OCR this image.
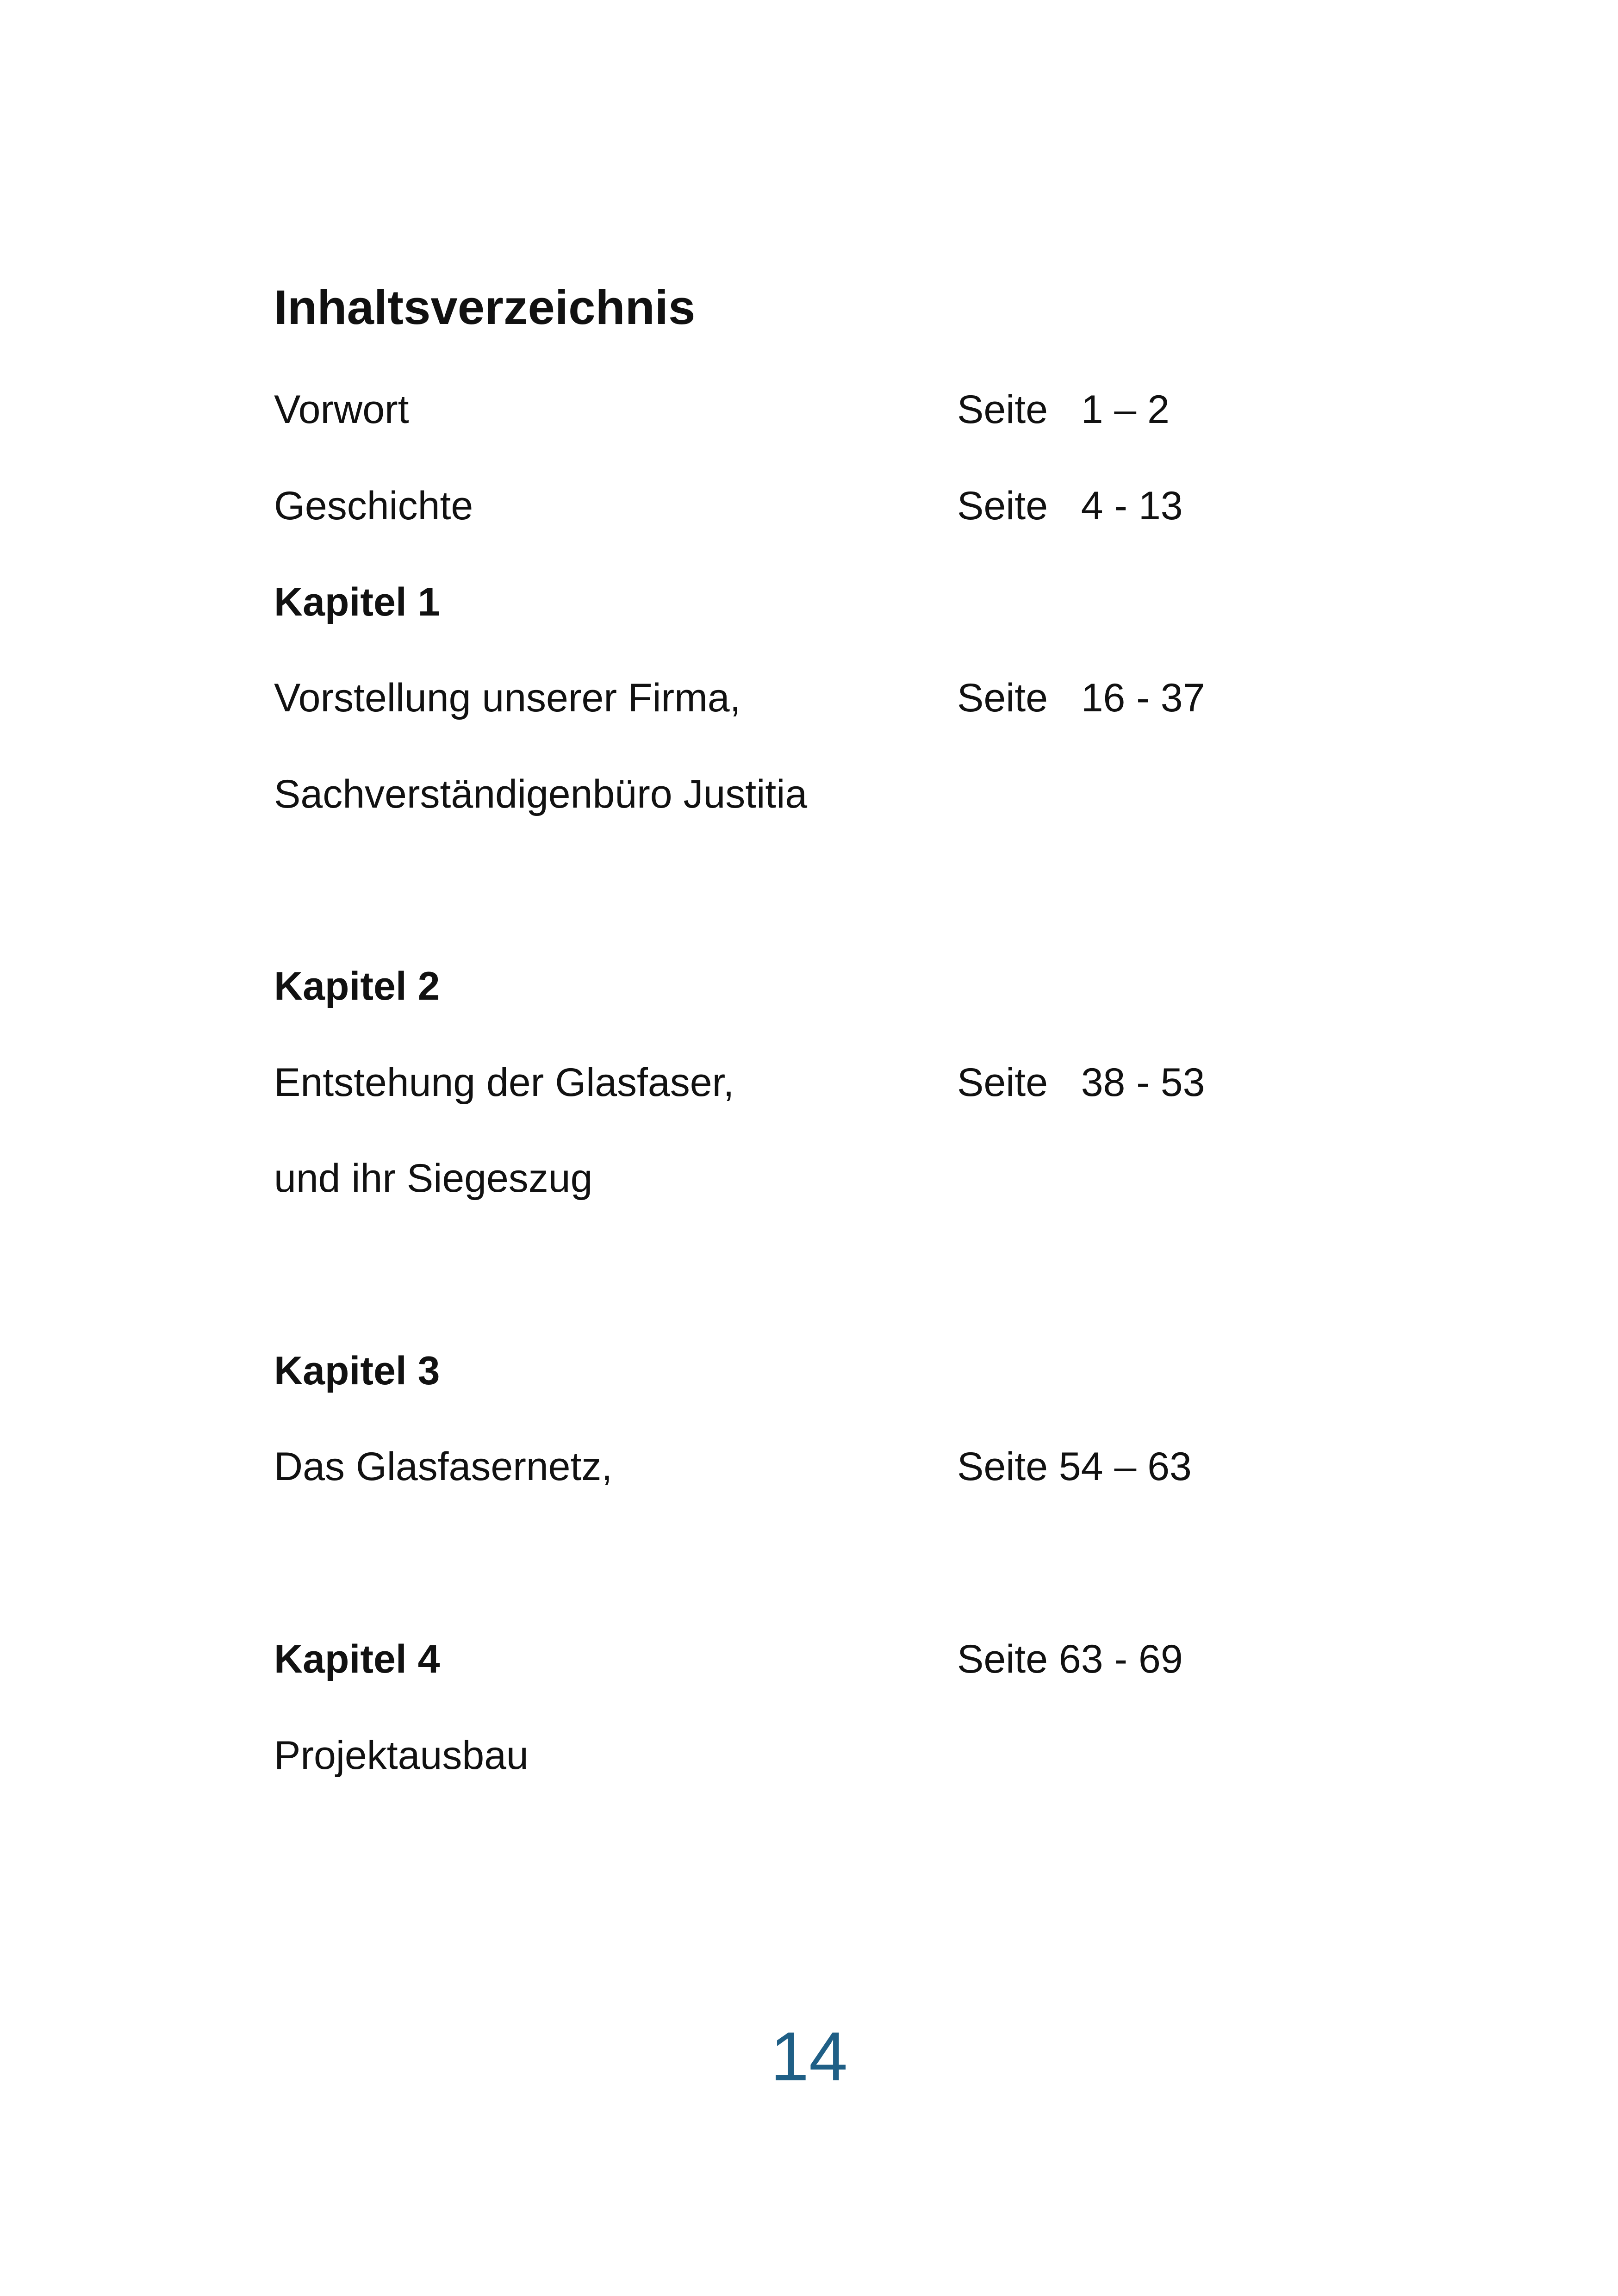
Inhaltsverzeichnis
Vorwort	Seite   1 – 2
Geschichte	Seite   4 - 13
Kapitel 1
Vorstellung unserer Firma,	Seite   16 - 37
Sachverständigenbüro Justitia
Kapitel 2
Entstehung der Glasfaser,	Seite   38 - 53
und ihr Siegeszug
Kapitel 3
Das Glasfasernetz,	Seite 54 – 63
Kapitel 4	Seite 63 - 69
Projektausbau
14
